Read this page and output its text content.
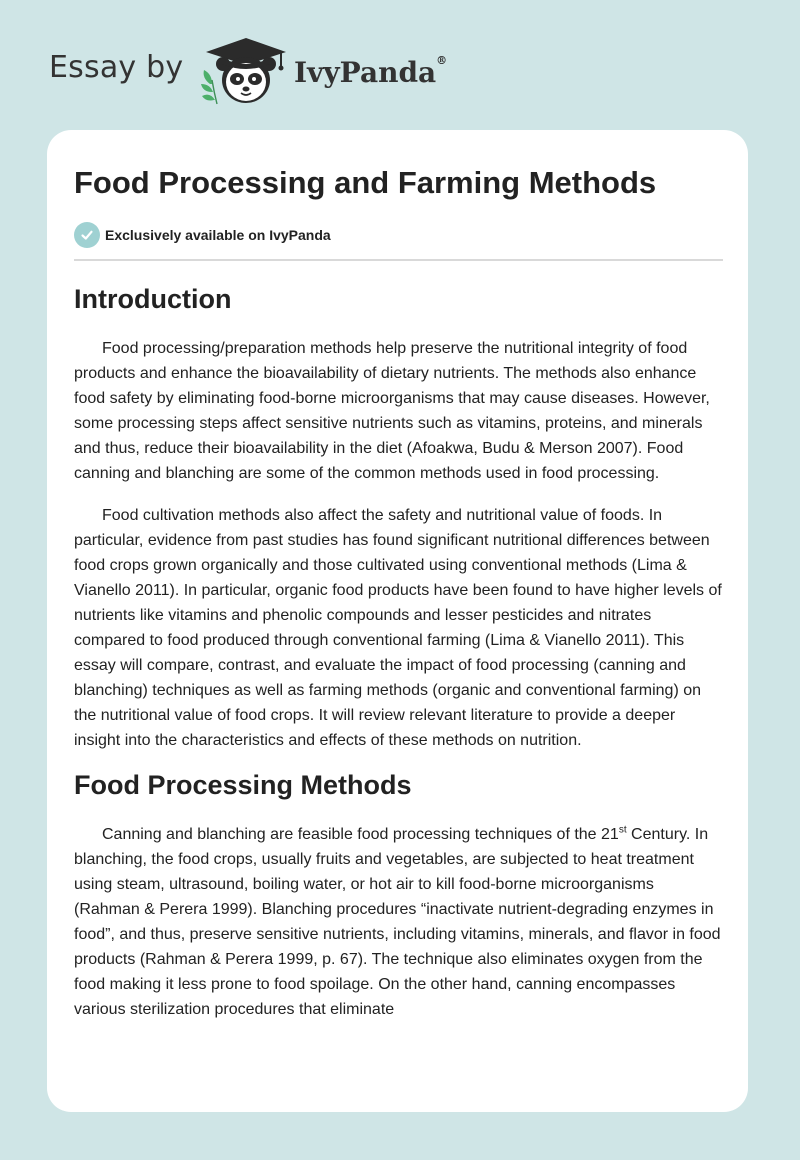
Essay by	IvyPanda®
Food Processing and Farming Methods
Exclusively available on IvyPanda
Introduction

Food processing/preparation methods help preserve the nutritional integrity of food products and enhance the bioavailability of dietary nutrients. The methods also enhance food safety by eliminating food-borne microorganisms that may cause diseases. However, some processing steps affect sensitive nutrients such as vitamins, proteins, and minerals and thus, reduce their bioavailability in the diet (Afoakwa, Budu & Merson 2007). Food canning and blanching are some of the common methods used in food processing.

Food cultivation methods also affect the safety and nutritional value of foods. In particular, evidence from past studies has found significant nutritional differences between food crops grown organically and those cultivated using conventional methods (Lima & Vianello 2011). In particular, organic food products have been found to have higher levels of nutrients like vitamins and phenolic compounds and lesser pesticides and nitrates compared to food produced through conventional farming (Lima & Vianello 2011). This essay will compare, contrast, and evaluate the impact of food processing (canning and blanching) techniques as well as farming methods (organic and conventional farming) on the nutritional value of food crops. It will review relevant literature to provide a deeper insight into the characteristics and effects of these methods on nutrition.

Food Processing Methods

Canning and blanching are feasible food processing techniques of the 21st Century. In blanching, the food crops, usually fruits and vegetables, are subjected to heat treatment using steam, ultrasound, boiling water, or hot air to kill food-borne microorganisms (Rahman & Perera 1999). Blanching procedures “inactivate nutrient-degrading enzymes in food”, and thus, preserve sensitive nutrients, including vitamins, minerals, and flavor in food products (Rahman & Perera 1999, p. 67). The technique also eliminates oxygen from the food making it less prone to food spoilage. On the other hand, canning encompasses various sterilization procedures that eliminate
